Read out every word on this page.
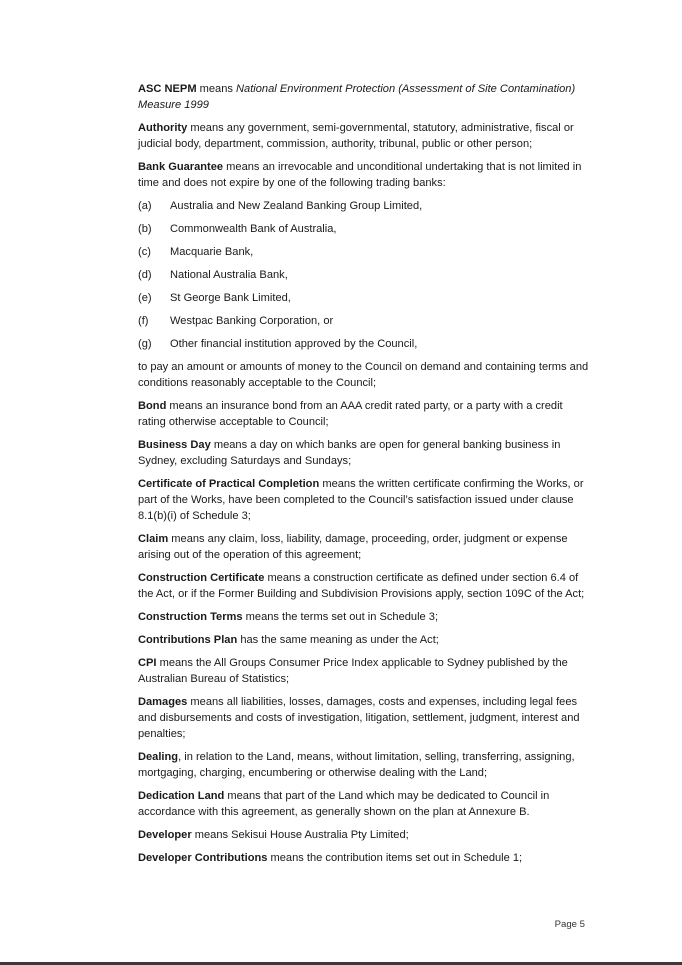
ASC NEPM means National Environment Protection (Assessment of Site Contamination) Measure 1999

Authority means any government, semi-governmental, statutory, administrative, fiscal or judicial body, department, commission, authority, tribunal, public or other person;

Bank Guarantee means an irrevocable and unconditional undertaking that is not limited in time and does not expire by one of the following trading banks:

(a)	Australia and New Zealand Banking Group Limited,
(b)	Commonwealth Bank of Australia,
(c)	Macquarie Bank,
(d)	National Australia Bank,
(e)	St George Bank Limited,
(f)	Westpac Banking Corporation, or
(g)	Other financial institution approved by the Council,

to pay an amount or amounts of money to the Council on demand and containing terms and conditions reasonably acceptable to the Council;

Bond means an insurance bond from an AAA credit rated party, or a party with a credit rating otherwise acceptable to Council;

Business Day means a day on which banks are open for general banking business in Sydney, excluding Saturdays and Sundays;

Certificate of Practical Completion means the written certificate confirming the Works, or part of the Works, have been completed to the Council’s satisfaction issued under clause 8.1(b)(i) of Schedule 3;

Claim means any claim, loss, liability, damage, proceeding, order, judgment or expense arising out of the operation of this agreement;

Construction Certificate means a construction certificate as defined under section 6.4 of the Act, or if the Former Building and Subdivision Provisions apply, section 109C of the Act;

Construction Terms means the terms set out in Schedule 3;

Contributions Plan has the same meaning as under the Act;

CPI means the All Groups Consumer Price Index applicable to Sydney published by the Australian Bureau of Statistics;

Damages means all liabilities, losses, damages, costs and expenses, including legal fees and disbursements and costs of investigation, litigation, settlement, judgment, interest and penalties;

Dealing, in relation to the Land, means, without limitation, selling, transferring, assigning, mortgaging, charging, encumbering or otherwise dealing with the Land;

Dedication Land means that part of the Land which may be dedicated to Council in accordance with this agreement, as generally shown on the plan at Annexure B.

Developer means Sekisui House Australia Pty Limited;

Developer Contributions means the contribution items set out in Schedule 1;

Page 5
